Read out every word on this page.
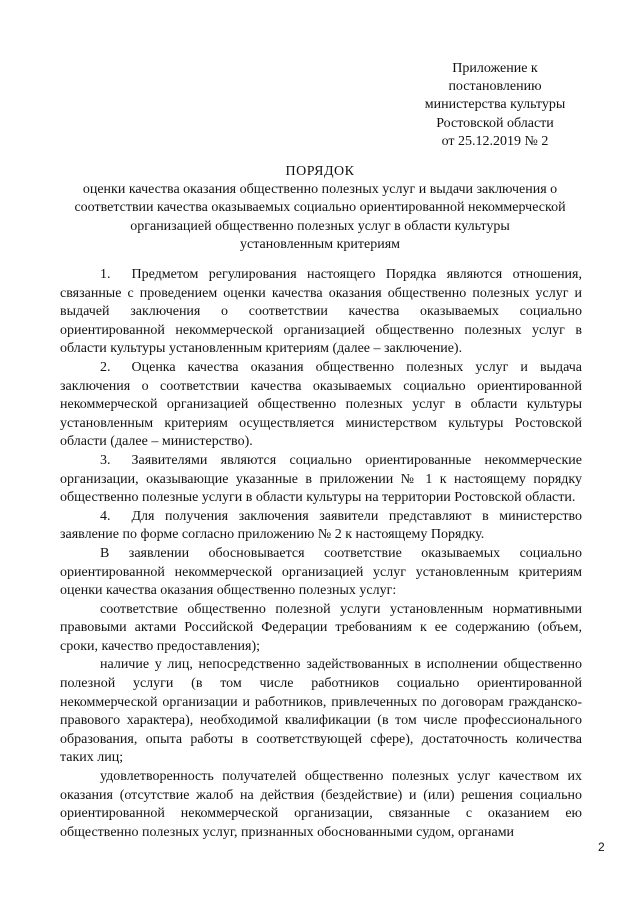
Приложение к
постановлению
министерства культуры
Ростовской области
от 25.12.2019 № 2
ПОРЯДОК
оценки качества оказания общественно полезных услуг и выдачи заключения о
соответствии качества оказываемых социально ориентированной некоммерческой
организацией общественно полезных услуг в области культуры
установленным критериям

1.  Предметом регулирования настоящего Порядка являются отношения, связанные с проведением оценки качества оказания общественно полезных услуг и выдачей заключения о соответствии качества оказываемых социально ориентированной некоммерческой организацией общественно полезных услуг в области культуры установленным критериям (далее – заключение).

2.  Оценка качества оказания общественно полезных услуг и выдача заключения о соответствии качества оказываемых социально ориентированной некоммерческой организацией общественно полезных услуг в области культуры установленным критериям осуществляется министерством культуры Ростовской области (далее – министерство).

3.  Заявителями являются социально ориентированные некоммерческие организации, оказывающие указанные в приложении № 1 к настоящему порядку общественно полезные услуги в области культуры на территории Ростовской области.

4.  Для получения заключения заявители представляют в министерство заявление по форме согласно приложению № 2 к настоящему Порядку.

В заявлении обосновывается соответствие оказываемых социально ориентированной некоммерческой организацией услуг установленным критериям оценки качества оказания общественно полезных услуг:

соответствие общественно полезной услуги установленным нормативными правовыми актами Российской Федерации требованиям к ее содержанию (объем, сроки, качество предоставления);

наличие у лиц, непосредственно задействованных в исполнении общественно полезной услуги (в том числе работников социально ориентированной некоммерческой организации и работников, привлеченных по договорам гражданско-правового характера), необходимой квалификации (в том числе профессионального образования, опыта работы в соответствующей сфере), достаточность количества таких лиц;

удовлетворенность получателей общественно полезных услуг качеством их оказания (отсутствие жалоб на действия (бездействие) и (или) решения социально ориентированной некоммерческой организации, связанные с оказанием ею общественно полезных услуг, признанных обоснованными судом, органами

2
